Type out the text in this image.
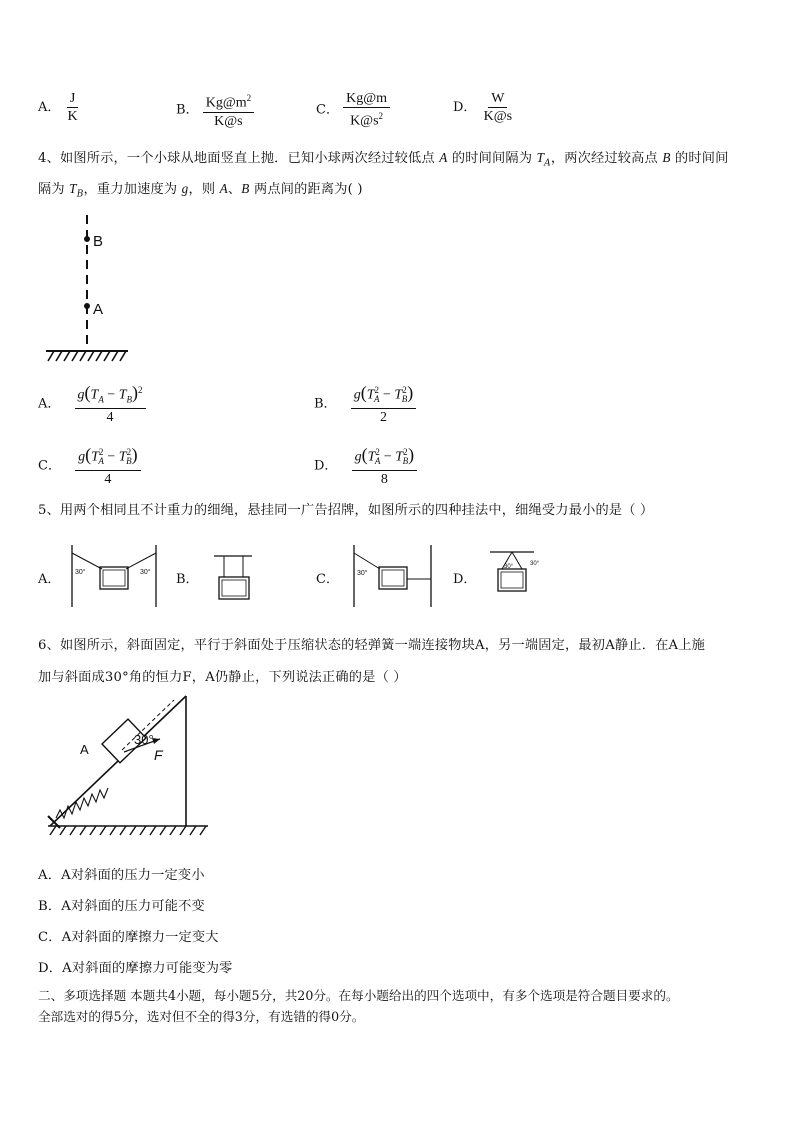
A． $\frac{J}{K}$	B． $\frac{Kg@m^2}{K@s}$	C． $\frac{Kg@m}{K@s^2}$	D． $\frac{W}{K@s}$
4、如图所示，一个小球从地面竖直上抛．已知小球两次经过较低点 A 的时间间隔为 $T_A$，两次经过较高点 B 的时间间
隔为 $T_B$，重力加速度为 g，则 A、B 两点间的距离为( )
B
A
A． $\frac{g(T_A - T_B)^2}{4}$	B． $\frac{g(T^2_A - T^2_B)}{2}$
C． $\frac{g(T^2_A - T^2_B)}{4}$	D． $\frac{g(T^2_A - T^2_B)}{8}$
5、用两个相同且不计重力的细绳，悬挂同一广告招牌，如图所示的四种挂法中，细绳受力最小的是（ ）
A． 30°	30° B．	C．	30°	D．
30°	30°
6、如图所示，斜面固定，平行于斜面处于压缩状态的轻弹簧一端连接物块A，另一端固定，最初A静止．在A上施
加与斜面成30°角的恒力F，A仍静止，下列说法正确的是（ ）
A
30°
F
A．A对斜面的压力一定变小
B．A对斜面的压力可能不变
C．A对斜面的摩擦力一定变大
D．A对斜面的摩擦力可能变为零
二、多项选择题 本题共4小题，每小题5分，共20分。在每小题给出的四个选项中，有多个选项是符合题目要求的。
全部选对的得5分，选对但不全的得3分，有选错的得0分。
